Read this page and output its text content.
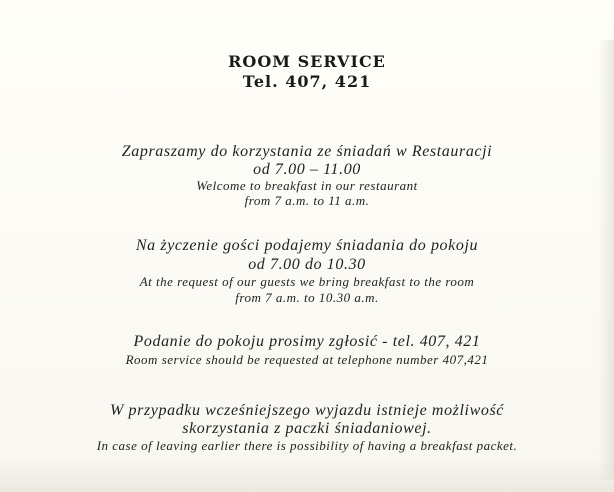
ROOM SERVICE
Tel. 407, 421
Zapraszamy do korzystania ze śniadań w Restauracji
od 7.00 – 11.00
Welcome to breakfast in our restaurant
from 7 a.m. to 11 a.m.
Na życzenie gości podajemy śniadania do pokoju
od 7.00 do 10.30
At the request of our guests we bring breakfast to the room
from 7 a.m. to 10.30 a.m.
Podanie do pokoju prosimy zgłosić - tel. 407, 421
Room service should be requested at telephone number 407,421
W przypadku wcześniejszego wyjazdu istnieje możliwość
skorzystania z paczki śniadaniowej.
In case of leaving earlier there is possibility of having a breakfast packet.
